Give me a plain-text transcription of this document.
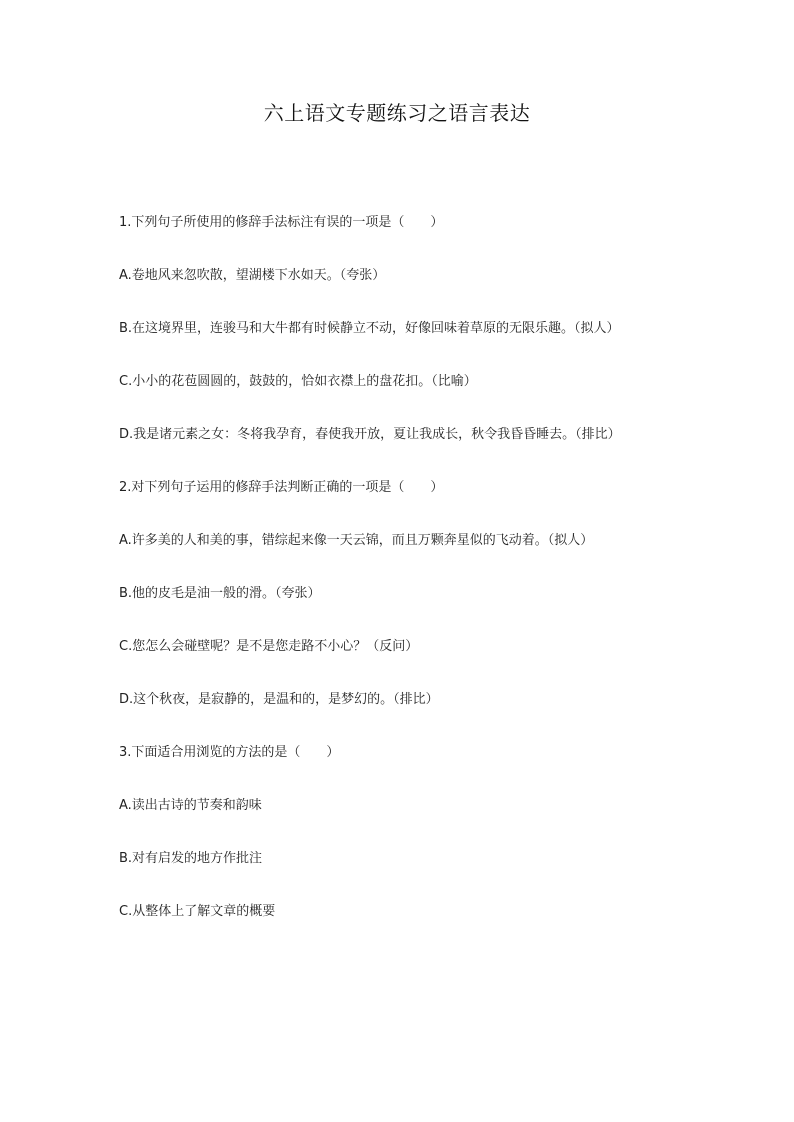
六上语文专题练习之语言表达

1.下列句子所使用的修辞手法标注有误的一项是（　　）

A.卷地风来忽吹散，望湖楼下水如天。（夸张）

B.在这境界里，连骏马和大牛都有时候静立不动，好像回味着草原的无限乐趣。（拟人）

C.小小的花苞圆圆的，鼓鼓的，恰如衣襟上的盘花扣。（比喻）

D.我是诸元素之女：冬将我孕育，春使我开放，夏让我成长，秋令我昏昏睡去。（排比）

2.对下列句子运用的修辞手法判断正确的一项是（　　）

A.许多美的人和美的事，错综起来像一天云锦，而且万颗奔星似的飞动着。（拟人）

B.他的皮毛是油一般的滑。（夸张）

C.您怎么会碰壁呢？是不是您走路不小心？（反问）

D.这个秋夜，是寂静的，是温和的，是梦幻的。（排比）

3.下面适合用浏览的方法的是（　　）

A.读出古诗的节奏和韵味

B.对有启发的地方作批注

C.从整体上了解文章的概要
